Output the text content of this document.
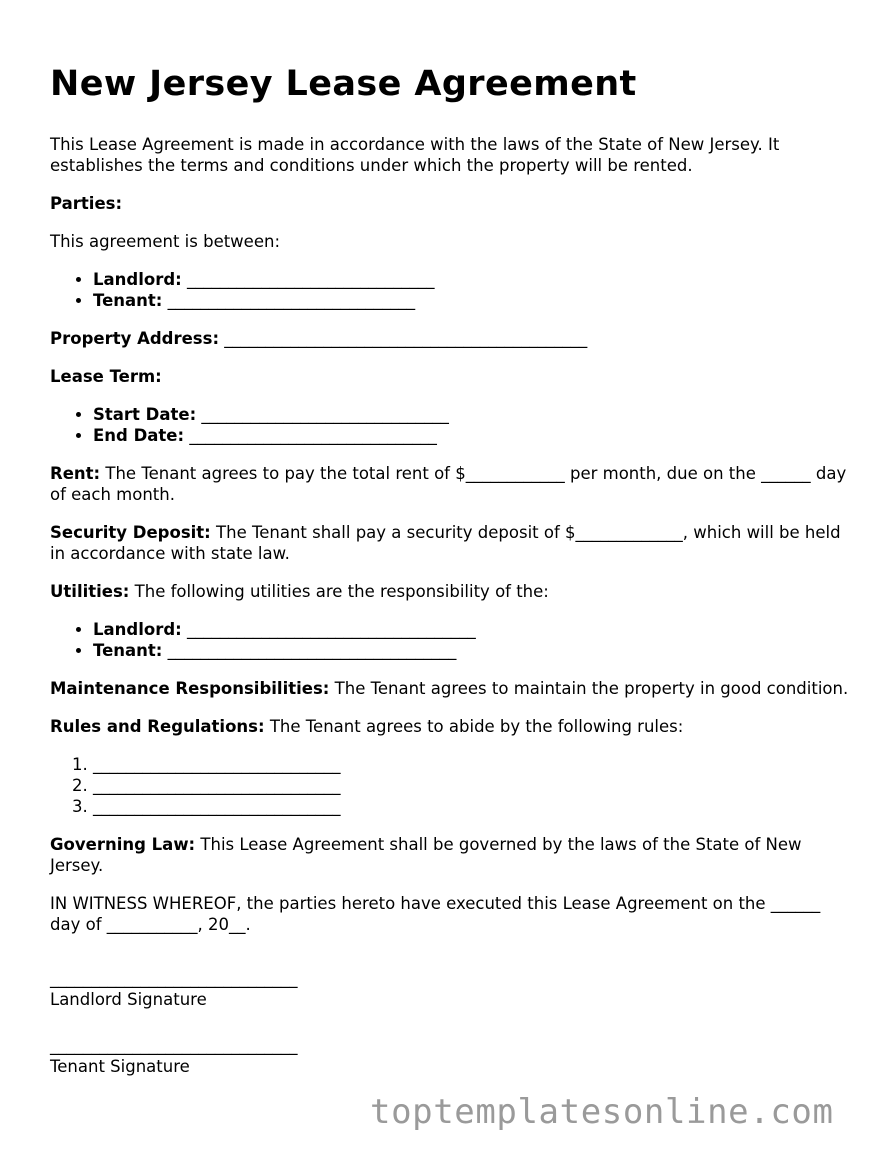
New Jersey Lease Agreement

This Lease Agreement is made in accordance with the laws of the State of New Jersey. It establishes the terms and conditions under which the property will be rented.

Parties:

This agreement is between:

• Landlord: ______________________________
• Tenant: ______________________________

Property Address: ____________________________________________

Lease Term:

• Start Date: ______________________________
• End Date: ______________________________

Rent: The Tenant agrees to pay the total rent of $____________ per month, due on the ______ day of each month.

Security Deposit: The Tenant shall pay a security deposit of $_____________, which will be held in accordance with state law.

Utilities: The following utilities are the responsibility of the:

• Landlord: ___________________________________
• Tenant: ___________________________________

Maintenance Responsibilities: The Tenant agrees to maintain the property in good condition.

Rules and Regulations: The Tenant agrees to abide by the following rules:

1. ______________________________
2. ______________________________
3. ______________________________

Governing Law: This Lease Agreement shall be governed by the laws of the State of New Jersey.

IN WITNESS WHEREOF, the parties hereto have executed this Lease Agreement on the ______ day of ___________, 20__.

______________________________
Landlord Signature
______________________________
Tenant Signature
toptemplatesonline.com
